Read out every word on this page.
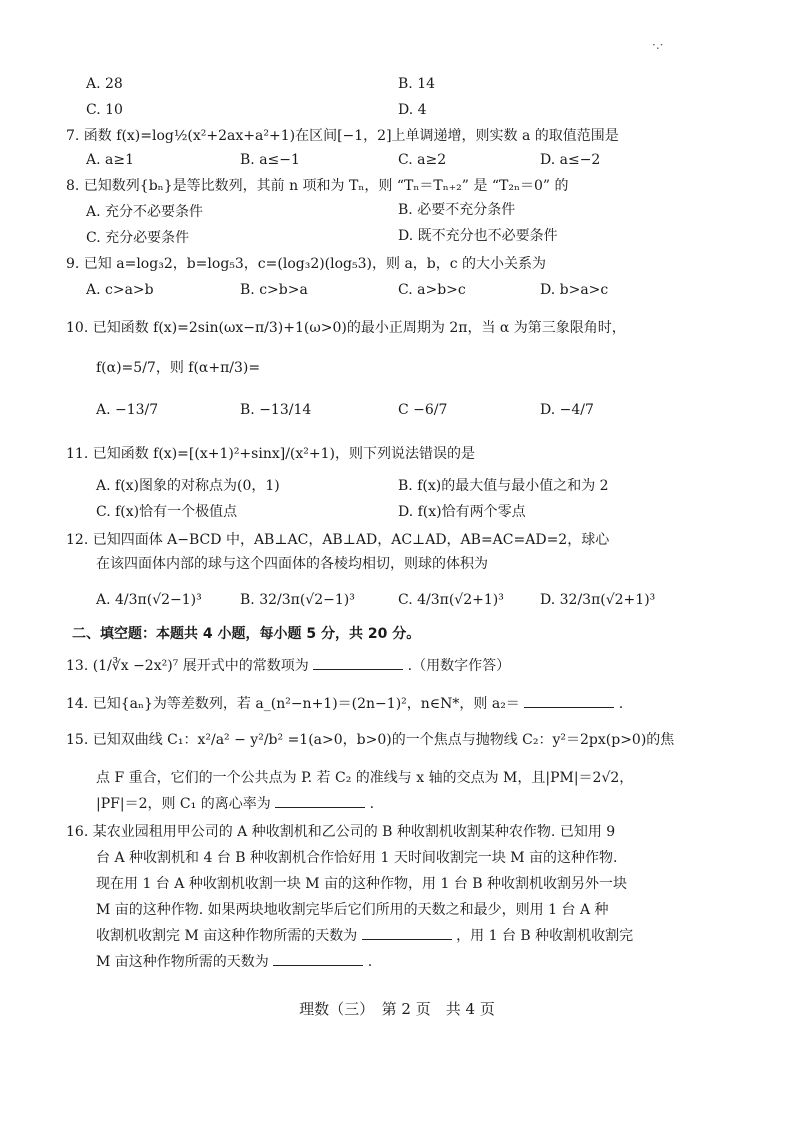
·.·
A. 28	B. 14
C. 10	D. 4
7. 函数 f(x)=log½(x²+2ax+a²+1)在区间[−1，2]上单调递增，则实数 a 的取值范围是
A. a≥1	B. a≤−1	C. a≥2	D. a≤−2
8. 已知数列{bₙ}是等比数列，其前 n 项和为 Tₙ，则 “Tₙ＝Tₙ₊₂” 是 “T₂ₙ＝0” 的
A. 充分不必要条件	B. 必要不充分条件
C. 充分必要条件	D. 既不充分也不必要条件
9. 已知 a=log₃2，b=log₅3，c=(log₃2)(log₅3)，则 a，b，c 的大小关系为
A. c>a>b	B. c>b>a	C. a>b>c	D. b>a>c
10. 已知函数 f(x)=2sin(ωx−π/3)+1(ω>0)的最小正周期为 2π，当 α 为第三象限角时，
f(α)=5/7，则 f(α+π/3)=
A. −13/7	B. −13/14	C −6/7	D. −4/7
11. 已知函数 f(x)=[(x+1)²+sinx]/(x²+1)，则下列说法错误的是
A. f(x)图象的对称点为(0，1)	B. f(x)的最大值与最小值之和为 2
C. f(x)恰有一个极值点	D. f(x)恰有两个零点
12. 已知四面体 A−BCD 中，AB⊥AC，AB⊥AD，AC⊥AD，AB=AC=AD=2，球心
在该四面体内部的球与这个四面体的各棱均相切，则球的体积为
A. 4/3π(√2−1)³	B. 32/3π(√2−1)³	C. 4/3π(√2+1)³	D. 32/3π(√2+1)³
二、填空题：本题共 4 小题，每小题 5 分，共 20 分。
13. (1/∛x −2x²)⁷ 展开式中的常数项为	.（用数字作答）
14. 已知{aₙ}为等差数列，若 a_(n²−n+1)＝(2n−1)²，n∈N*，则 a₂＝	.
15. 已知双曲线 C₁：x²/a² − y²/b² =1(a>0，b>0)的一个焦点与抛物线 C₂：y²＝2px(p>0)的焦
点 F 重合，它们的一个公共点为 P. 若 C₂ 的准线与 x 轴的交点为 M，且|PM|＝2√2，
|PF|＝2，则 C₁ 的离心率为	.
16. 某农业园租用甲公司的 A 种收割机和乙公司的 B 种收割机收割某种农作物. 已知用 9
台 A 种收割机和 4 台 B 种收割机合作恰好用 1 天时间收割完一块 M 亩的这种作物.
现在用 1 台 A 种收割机收割一块 M 亩的这种作物，用 1 台 B 种收割机收割另外一块
M 亩的这种作物. 如果两块地收割完毕后它们所用的天数之和最少，则用 1 台 A 种
收割机收割完 M 亩这种作物所需的天数为	，用 1 台 B 种收割机收割完
M 亩这种作物所需的天数为	.
理数（三）　第 2 页　共 4 页
